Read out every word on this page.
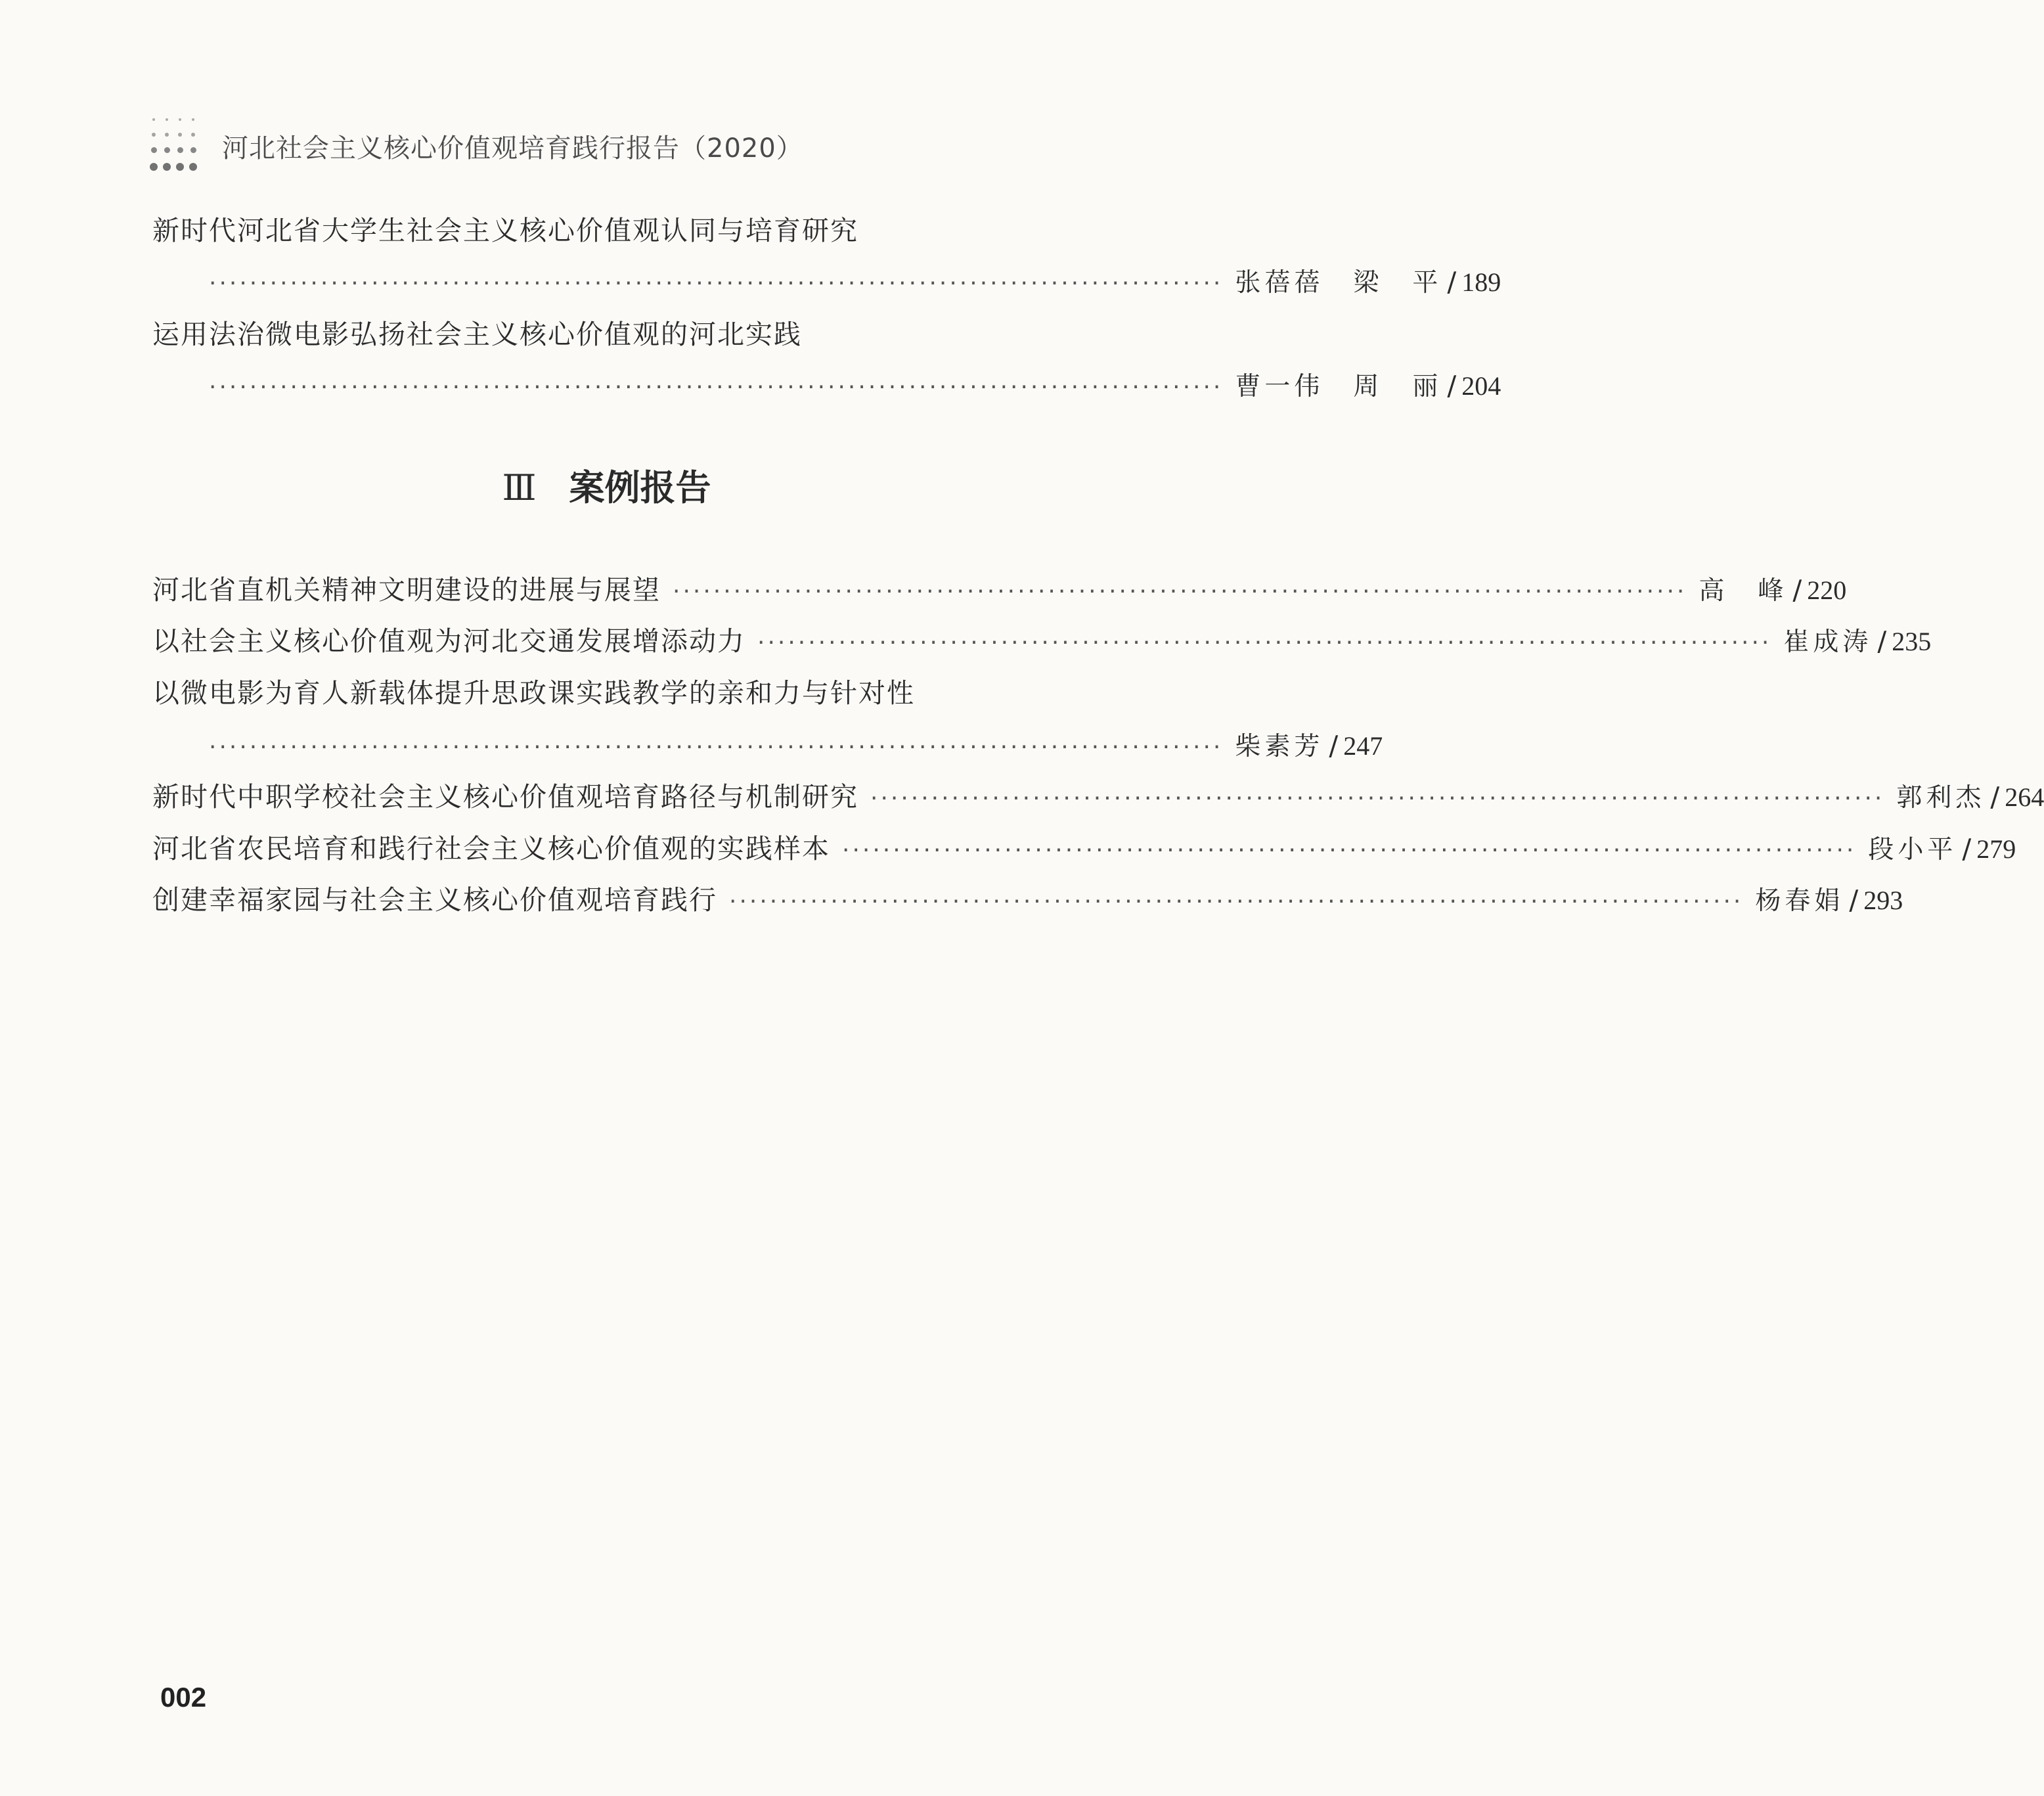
河北社会主义核心价值观培育践行报告（2020）
新时代河北省大学生社会主义核心价值观认同与培育研究
···································································································· 张蓓蓓　梁　平 / 189
运用法治微电影弘扬社会主义核心价值观的河北实践
···································································································· 曹一伟　周　丽 / 204
Ⅲ 案例报告
河北省直机关精神文明建设的进展与展望 ···································································································· 高　峰 / 220
以社会主义核心价值观为河北交通发展增添动力 ···································································································· 崔成涛 / 235
以微电影为育人新载体提升思政课实践教学的亲和力与针对性
···································································································· 柴素芳 / 247
新时代中职学校社会主义核心价值观培育路径与机制研究 ···································································································· 郭利杰 / 264
河北省农民培育和践行社会主义核心价值观的实践样本 ···································································································· 段小平 / 279
创建幸福家园与社会主义核心价值观培育践行 ···································································································· 杨春娟 / 293
002
